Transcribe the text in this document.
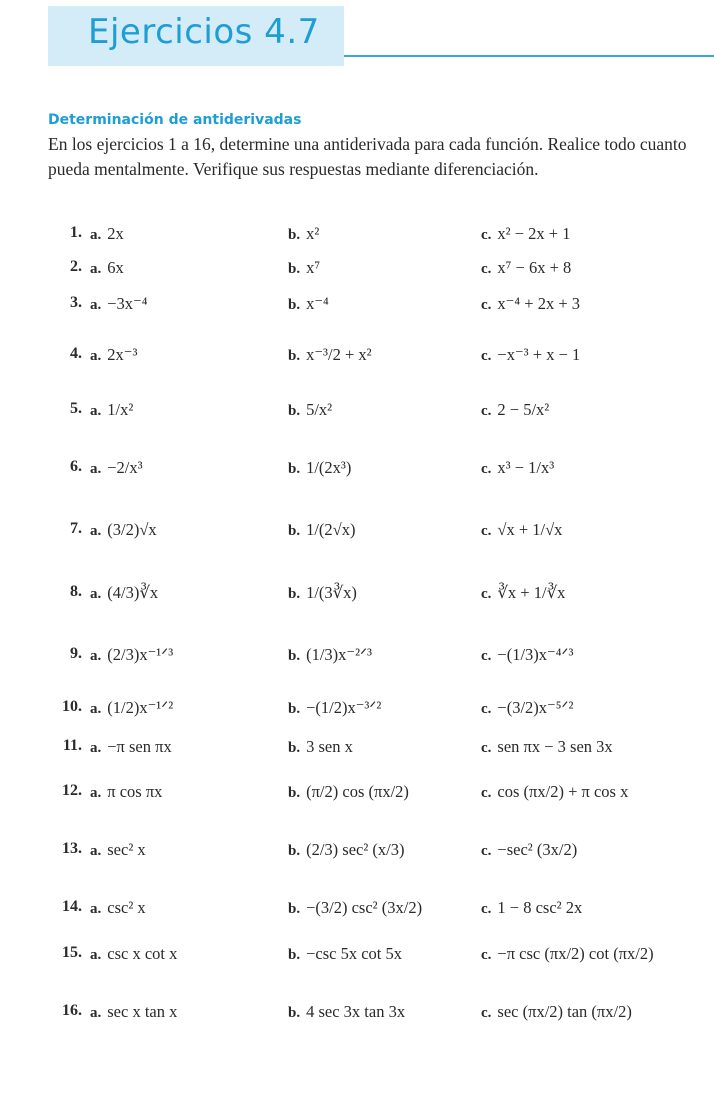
Ejercicios 4.7
Determinación de antiderivadas

En los ejercicios 1 a 16, determine una antiderivada para cada función. Realice todo cuanto pueda mentalmente. Verifique sus respuestas mediante diferenciación.

1. a. 2x	b. x²	c. x² − 2x + 1
2. a. 6x	b. x⁷	c. x⁷ − 6x + 8
3. a. −3x⁻⁴	b. x⁻⁴	c. x⁻⁴ + 2x + 3
4. a. 2x⁻³	b. x⁻³/2 + x²	c. −x⁻³ + x − 1
5. a. 1/x²	b. 5/x²	c. 2 − 5/x²
6. a. −2/x³	b. 1/(2x³)	c. x³ − 1/x³
7. a. (3/2)√x	b. 1/(2√x)	c. √x + 1/√x
8. a. (4/3)∛x	b. 1/(3∛x)	c. ∛x + 1/∛x
9. a. (2/3)x⁻¹ᐟ³	b. (1/3)x⁻²ᐟ³	c. −(1/3)x⁻⁴ᐟ³
10. a. (1/2)x⁻¹ᐟ²	b. −(1/2)x⁻³ᐟ²	c. −(3/2)x⁻⁵ᐟ²
11. a. −π sen πx	b. 3 sen x	c. sen πx − 3 sen 3x
12. a. π cos πx	b. (π/2) cos (πx/2)	c. cos (πx/2) + π cos x
13. a. sec² x	b. (2/3) sec² (x/3)	c. −sec² (3x/2)
14. a. csc² x	b. −(3/2) csc² (3x/2)	c. 1 − 8 csc² 2x
15. a. csc x cot x	b. −csc 5x cot 5x	c. −π csc (πx/2) cot (πx/2)
16. a. sec x tan x	b. 4 sec 3x tan 3x	c. sec (πx/2) tan (πx/2)
